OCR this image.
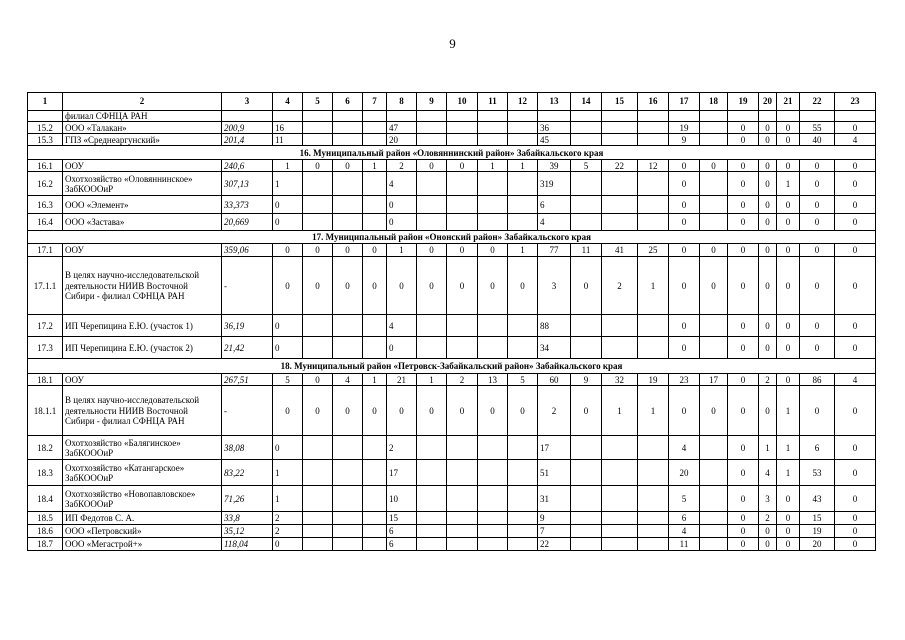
9
1	2	3	4	5	6	7	8	9	10	11	12	13	14	15	16	17	18	19	20	21	22	23
	филиал СФНЦА РАН																					
15.2	ООО «Талакан»	200,9	16				47					36				19		0	0	0	55	0
15.3	ГПЗ «Среднеаргунский»	201,4	11				20					45				9		0	0	0	40	4
16. Муниципальный район «Оловяннинский район» Забайкальского края																						
16.1	ООУ	240,6	1	0	0	1	2	0	0	1	1	39	5	22	12	0	0	0	0	0	0	0
16.2	Охотхозяйство «Оловяннинское» ЗабКОООиР	307,13	1				4					319				0		0	0	1	0	0
16.3	ООО «Элемент»	33,373	0				0					6				0		0	0	0	0	0
16.4	ООО «Застава»	20,669	0				0					4				0		0	0	0	0	0
17. Муниципальный район «Ононский район» Забайкальского края																						
17.1	ООУ	359,06	0	0	0	0	1	0	0	0	1	77	11	41	25	0	0	0	0	0	0	0
17.1.1	В целях научно-исследовательской деятельности НИИВ Восточной Сибири - филиал СФНЦА РАН	-	0	0	0	0	0	0	0	0	0	3	0	2	1	0	0	0	0	0	0	0
17.2	ИП Черепицина Е.Ю. (участок 1)	36,19	0				4					88				0		0	0	0	0	0
17.3	ИП Черепицина Е.Ю. (участок 2)	21,42	0				0					34				0		0	0	0	0	0
18. Муниципальный район «Петровск-Забайкальский район» Забайкальского края																						
18.1	ООУ	267,51	5	0	4	1	21	1	2	13	5	60	9	32	19	23	17	0	2	0	86	4
18.1.1	В целях научно-исследовательской деятельности НИИВ Восточной Сибири - филиал СФНЦА РАН	-	0	0	0	0	0	0	0	0	0	2	0	1	1	0	0	0	0	1	0	0
18.2	Охотхозяйство «Балягинское» ЗабКОООиР	38,08	0				2					17				4		0	1	1	6	0
18.3	Охотхозяйство «Катангарское» ЗабКОООиР	83,22	1				17					51				20		0	4	1	53	0
18.4	Охотхозяйство «Новопавловское» ЗабКОООиР	71,26	1				10					31				5		0	3	0	43	0
18.5	ИП Федотов С. А.	33,8	2				15					9				6		0	2	0	15	0
18.6	ООО «Петровский»	35,12	2				6					7				4		0	0	0	19	0
18.7	ООО «Мегастрой+»	118,04	0				6					22				11		0	0	0	20	0
